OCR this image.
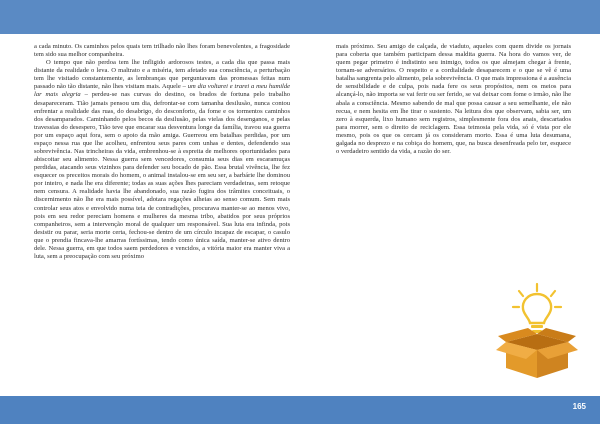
a cada minuto. Os caminhos pelos quais tem trilhado não lhes foram benevolentes, a fragosidade tem sido sua melhor companheira.

O tempo que não perdoa tem lhe infligido ardorosos testes, a cada dia que passa mais distante da realidade o leva. O maltrato e a miséria, tem afetado sua consciência, a perturbação tem lhe visitado constantemente, as lembranças que perguntavam das promessas feitas num passado não tão distante, não lhes visitam mais. Aquele – um dia voltarei e trarei a meu humilde lar mais alegria – perdeu-se nas curvas do destino, os brados de fortuna pelo trabalho desapareceram. Tião jamais pensou um dia, defrontar-se com tamanha desilusão, nunca contou enfrentar a realidade das ruas, do desabrigo, do desconforto, da fome e os tormentos caminhos dos desamparados. Caminhando pelos becos da desilusão, pelas vielas dos desenganos, e pelas travessias do desespero, Tião teve que encarar sua desventura longe da família, travou sua guerra por um espaço aqui fora, sem o apoio da mão amiga. Guerreou em batalhas perdidas, por um espaço nessa rua que lhe acolheu, enfrentou seus pares com unhas e dentes, defendendo sua sobrevivência. Nas trincheiras da vida, embrenhou-se à espreita de melhores oportunidades para abiscoitar seu alimento. Nessa guerra sem vencedores, consumia seus dias em escaramuças perdidas, atacando seus vizinhos para defender seu bocado de pão. Essa brutal vivência, lhe fez esquecer os preceitos morais do homem, o animal instalou-se em seu ser, a barbárie lhe dominou por inteiro, e nada lhe era diferente; todas as suas ações lhes pareciam verdadeiras, sem retoque nem censura. A realidade havia lhe abandonado, sua razão fugira dos trâmites conceituais, o discernimento não lhe era mais possível, adotara regações alheias ao senso comum. Sem mais controlar seus atos e envolvido numa teia de contradições, procurava manter-se ao menos vivo, pois em seu redor pereciam homens e mulheres da mesma tribo, abatidos por seus próprios companheiros, sem a intervenção moral de qualquer um responsável. Sua luta era infinda, pois desistir ou parar, seria morte certa, fechou-se dentro de um círculo incapaz de escapar, o casulo que o prendia fincava-lhe amarras fortíssimas, tendo como única saída, manter-se ativo dentro dele. Nessa guerra, em que todos saem perdedores e vencidos, a vitória maior era manter viva a luta, sem a preocupação com seu próximo

mais próximo. Seu amigo de calçada, de viaduto, aqueles com quem divide os jornais para coberta que também participam dessa maldita guerra. Na hora do vamos ver, de quem pegar primeiro é indistinto seu inimigo, todos os que almejam chegar à frente, tornam-se adversários. O respeito e a cordialidade desaparecem e o que se vê é uma batalha sangrenta pelo alimento, pela sobrevivência. O que mais impressiona é a ausência de sensibilidade e de culpa, pois nada fere os seus propósitos, nem os meios para alcançá-lo, não importa se vai ferir ou ser ferido, se vai deixar com fome o irmão, não lhe abala a consciência. Mesmo sabendo de mal que possa causar a seu semelhante, ele não recua, e nem hesita em lhe tirar o sustento. Na leitura dos que observam, sabia ser, um zero à esquerda, lixo humano sem registros, simplesmente fora dos anais, descartados para morrer, sem o direito de reciclagem. Essa teimosia pela vida, só é vista por ele mesmo, pois os que os cercam já os consideram morto. Essa é uma luta desumana, galgada no desprezo e na cobiça do homem, que, na busca desenfreada pelo ter, esquece o verdadeiro sentido da vida, a razão do ser.

165
